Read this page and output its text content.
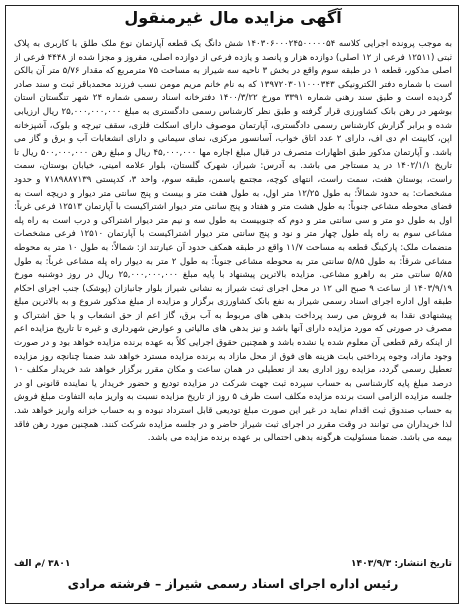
آگهی مزایده مال غیرمنقول

به موجب پرونده اجرایی کلاسه ۱۴۰۳۰۶۰۰۰۲۴۵۰۰۰۰۰۵۴ شش دانگ یک قطعه آپارتمان نوع ملک طلق با کاربری به پلاک ثبتی (۱۲۵۱۱ فرعی از ۱۲ اصلی) دوازده هزار و پانصد و یازده فرعی از دوازده اصلی، مفروز و مجزا شده از ۴۴۴۸ فرعی از اصلی مذکور، قطعه ۱ در طبقه سوم واقع در بخش ۳ ناحیه سه شیراز به مساحت ۷۵ مترمربع که مقدار ۵/۷۶ متر آن بالکن است با شماره دفتر الکترونیکی ۱۳۹۷۲۰۳۰۱۱۰۰۰۳۴۳ که به نام خانم مریم مومن نسب فرزند محمدباقر ثبت و سند صادر گردیده است و طبق سند رهنی شماره ۳۳۹۱ مورخ ۱۴۰۰/۳/۲۲ دفترخانه اسناد رسمی شماره ۲۴ شهر تنگستان استان بوشهر در رهن بانک کشاورزی قرار گرفته و طبق نظر کارشناس رسمی دادگستری به مبلغ ۲۵,۰۰۰,۰۰۰,۰۰۰ ریال ارزیابی شده و برابر گزارش کارشناس رسمی دادگستری، آپارتمان موصوف دارای اسکلت فلزی، سقف تیرچه و بلوک، آشپزخانه اپن، کابینت ام دی اف، دارای ۲ عدد اتاق خواب، آسانسور مرکزی، نمای سیمانی و دارای انشعابات آب و برق و گاز می باشد. و آپارتمان مذکور طبق اظهارات متصرف در قبال مبلغ اجاره مها ۴۵,۰۰۰,۰۰۰ ریال و مبلغ رهن ۵۰۰,۰۰۰,۰۰۰ ریال تا تاریخ ۱۴۰۲/۱/۱ در ید مستاجر می باشد. به آدرس: شیراز، شهرک گلستان، بلوار علامه امینی، خیابان بوستان، سمت راست، بوستان هفت، سمت راست، انتهای کوچه، مجتمع یاسمن، طبقه سوم، واحد ۳، کدپستی ۷۱۸۹۸۸۷۱۳۹ و حدود مشخصات: به حدود شمالاً: به طول ۱۲/۲۵ متر اول، به طول هفت متر و بیست و پنج سانتی متر دیوار و دریچه است به فضای محوطه مشاعی جنوباً: به طول هشت متر و هفتاد و پنج سانتی متر دیوار اشتراکیست با آپارتمان ۱۲۵۱۳ فرعی غرباً: اول به طول دو متر و سی سانتی متر و دوم که جنوبیست به طول سه و نیم متر دیوار اشتراکی و درب است به راه پله مشاعی سوم به راه پله طول چهار متر و نود و پنج سانتی متر دیوار اشتراکیست با آپارتمان ۱۲۵۱۰ فرعی مشخصات منضمات ملک: پارکینگ قطعه به مساحت ۱۱/۷ واقع در طبقه همکف حدود آن عبارتند از: شمالاً: به طول ۱۰ متر به محوطه مشاعی شرقاً: به طول ۵/۸۵ سانتی متر به محوطه مشاعی جنوباً: به طول ۲ متر به دیوار راه پله مشاعی غرباً: به طول ۵/۸۵ سانتی متر به راهرو مشاعی. مزایده بالاترین پیشنهاد با پایه مبلغ ۲۵,۰۰۰,۰۰۰,۰۰۰ ریال در روز دوشنبه مورخ ۱۴۰۳/۹/۱۹ از ساعت ۹ صبح الی ۱۲ در محل اجرای ثبت شیراز به نشانی شیراز بلوار جانبازان (پوشک) جنب اجرای احکام طبقه اول اداره اجرای اسناد رسمی شیراز به نفع بانک کشاورزی برگزار و مزایده از مبلغ مذکور شروع و به بالاترین مبلغ پیشنهادی نقدا به فروش می رسد پرداخت بدهی های مربوط به آب برق، گاز اعم از حق انشعاب و یا حق اشتراک و مصرف در صورتی که مورد مزایده دارای آنها باشد و نیز بدهی های مالیاتی و عوارض شهرداری و غیره تا تاریخ مزایده اعم از اینکه رقم قطعی آن معلوم شده یا نشده باشد و همچنین حقوق اجرایی کلاً به عهده برنده مزایده خواهد بود و در صورت وجود مازاد، وجوه پرداختی بابت هزینه های فوق از محل مازاد به برنده مزایده مسترد خواهد شد ضمنا چنانچه روز مزایده تعطیل رسمی گردد، مزایده روز اداری بعد از تعطیلی در همان ساعت و مکان مقرر برگزار خواهد شد خریدار مکلف ۱۰ درصد مبلغ پایه کارشناسی به حساب سپرده ثبت جهت شرکت در مزایده تودیع و حضور خریدار یا نماینده قانونی او در جلسه مزایده الزامی است برنده مزایده مکلف است ظرف ۵ روز از تاریخ مزایده نسبت به واریز مابه التفاوت مبلغ فروش به حساب صندوق ثبت اقدام نماید در غیر این صورت مبلغ تودیعی قابل استرداد نبوده و به حساب خزانه واریز خواهد شد. لذا خریداران می توانند در وقت مقرر در اجرای ثبت شیراز حاضر و در جلسه مزایده شرکت کنند. همچنین مورد رهن فاقد بیمه می باشد. ضمنا مسئولیت هرگونه بدهی احتمالی بر عهده برنده مزایده می باشد.

تاریخ انتشار: ۱۴۰۳/۹/۳
۳۸۰۱ /م الف
رئیس اداره اجرای اسناد رسمی شیراز – فرشته مرادی
